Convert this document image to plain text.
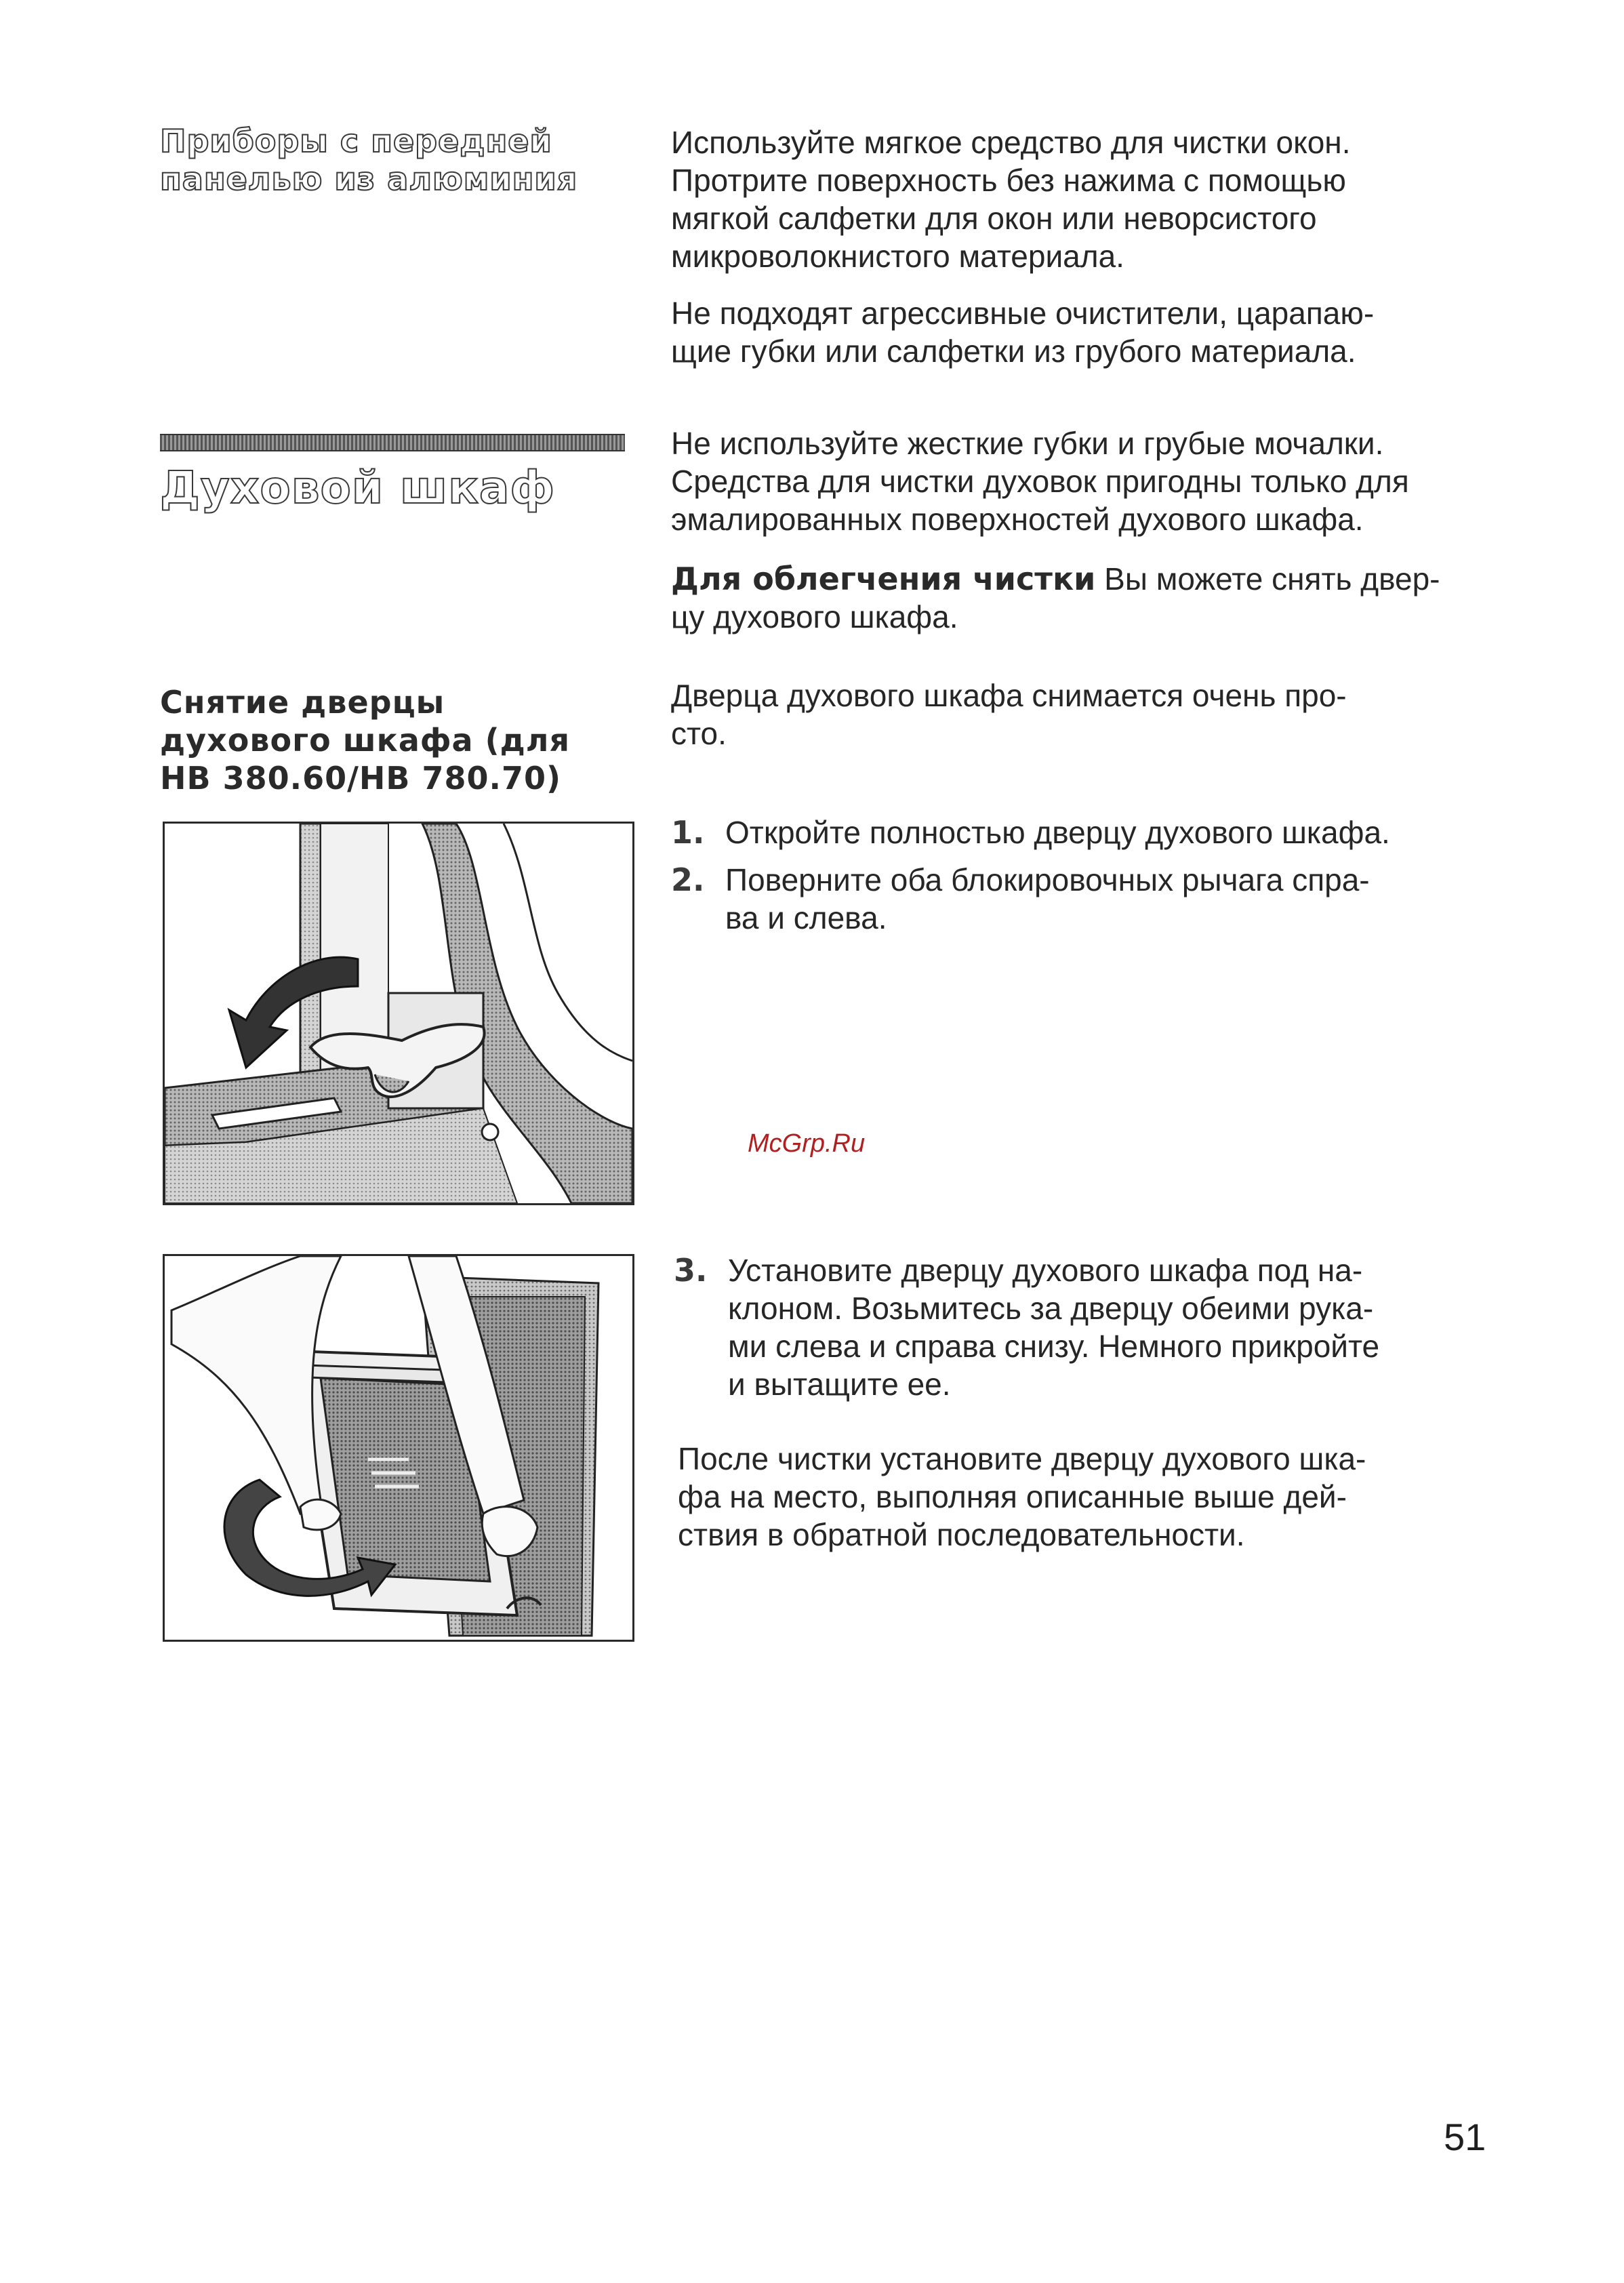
Приборы с передней
панелью из алюминия

Используйте мягкое средство для чистки окон.

Протрите поверхность без нажима с помощью

мягкой салфетки для окон или неворсистого

микроволокнистого материала.

Не подходят агрессивные очистители, царапаю-

щие губки или салфетки из грубого материала.

Духовой шкаф

Не используйте жесткие губки и грубые мочалки.

Средства для чистки духовок пригодны только для

эмалированных поверхностей духового шкафа.

Для облегчения чистки Вы можете снять двер-

цу духового шкафа.

Снятие дверцы
духового шкафа (для
HB 380.60/HB 780.70)

Дверца духового шкафа снимается очень про-

сто.

1. Откройте полностью дверцу духового шкафа.
2. Поверните оба блокировочных рычага спра-
ва и слева.
3. Установите дверцу духового шкафа под на-
клоном. Возьмитесь за дверцу обеими рука-
ми слева и справа снизу. Немного прикройте
и вытащите ее.

После чистки установите дверцу духового шка-

фа на место, выполняя описанные выше дей-

ствия в обратной последовательности.

McGrp.Ru
51
